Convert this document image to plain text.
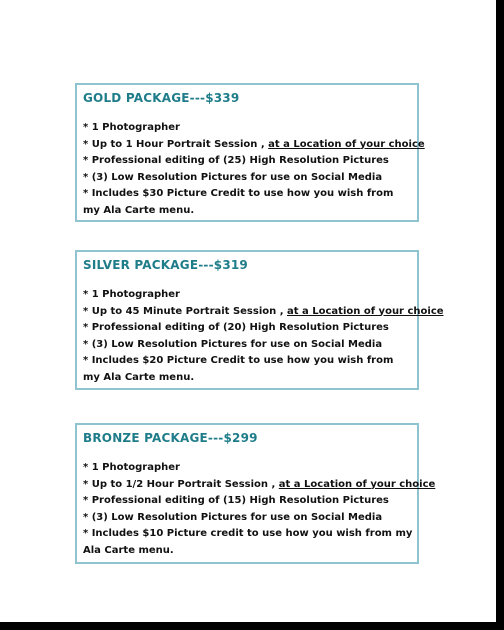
GOLD PACKAGE---$339
* 1 Photographer
* Up to 1 Hour Portrait Session , at a Location of your choice
* Professional editing of (25) High Resolution Pictures
* (3) Low Resolution Pictures for use on Social Media
* Includes $30 Picture Credit to use how you wish from my Ala Carte menu.
SILVER PACKAGE---$319
* 1 Photographer
* Up to 45 Minute Portrait Session , at a Location of your choice
* Professional editing of (20) High Resolution Pictures
* (3) Low Resolution Pictures for use on Social Media
* Includes $20 Picture Credit to use how you wish from my Ala Carte menu.
BRONZE PACKAGE---$299
* 1 Photographer
* Up to 1/2 Hour Portrait Session , at a Location of your choice
* Professional editing of (15) High Resolution Pictures
* (3) Low Resolution Pictures for use on Social Media
* Includes $10 Picture credit to use how you wish from my Ala Carte menu.
